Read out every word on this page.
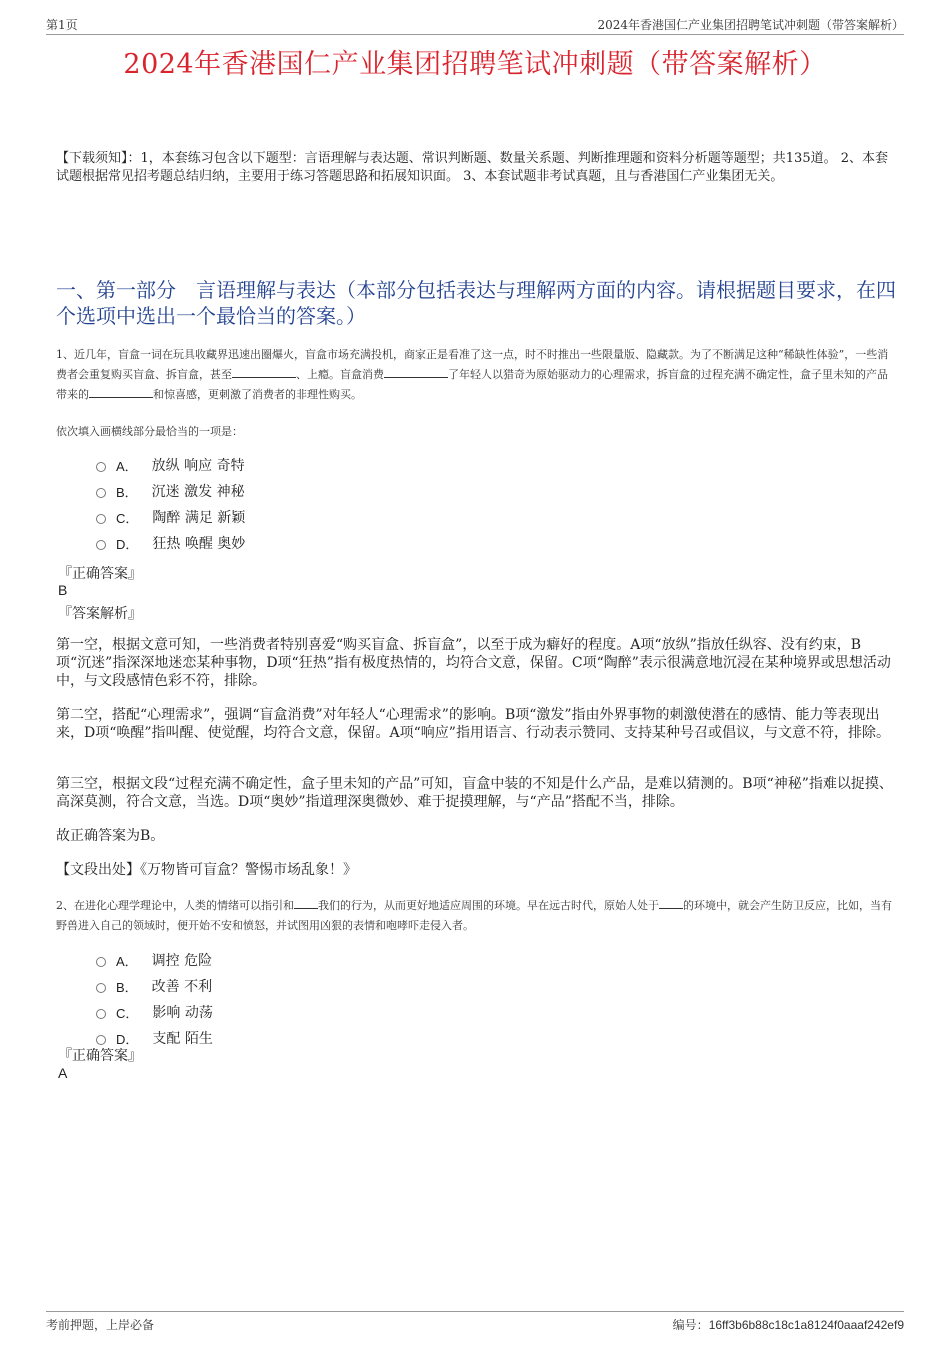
第1页	2024年香港国仁产业集团招聘笔试冲刺题（带答案解析）
2024年香港国仁产业集团招聘笔试冲刺题（带答案解析）
【下载须知】：1，本套练习包含以下题型：言语理解与表达题、常识判断题、数量关系题、判断推理题和资料分析题等题型；共135道。 2、本套试题根据常见招考题总结归纳，主要用于练习答题思路和拓展知识面。 3、本套试题非考试真题，且与香港国仁产业集团无关。
一、第一部分　言语理解与表达（本部分包括表达与理解两方面的内容。请根据题目要求，在四个选项中选出一个最恰当的答案。）
1、近几年，盲盒一词在玩具收藏界迅速出圈爆火，盲盒市场充满投机，商家正是看准了这一点，时不时推出一些限量版、隐藏款。为了不断满足这种“稀缺性体验”，一些消费者会重复购买盲盒、拆盲盒，甚至	、上瘾。盲盒消费	了年轻人以猎奇为原始驱动力的心理需求，拆盲盒的过程充满不确定性，盒子里未知的产品带来的	和惊喜感，更刺激了消费者的非理性购买。
依次填入画横线部分最恰当的一项是：
A． 放纵 响应 奇特
B． 沉迷 激发 神秘
C． 陶醉 满足 新颖
D． 狂热 唤醒 奥妙
『正确答案』
B
『答案解析』
第一空，根据文意可知，一些消费者特别喜爱“购买盲盒、拆盲盒”，以至于成为癖好的程度。A项“放纵”指放任纵容、没有约束，B项“沉迷”指深深地迷恋某种事物，D项“狂热”指有极度热情的，均符合文意，保留。C项“陶醉”表示很满意地沉浸在某种境界或思想活动中，与文段感情色彩不符，排除。
第二空，搭配“心理需求”，强调“盲盒消费”对年轻人“心理需求”的影响。B项“激发”指由外界事物的刺激使潜在的感情、能力等表现出来，D项“唤醒”指叫醒、使觉醒，均符合文意，保留。A项“响应”指用语言、行动表示赞同、支持某种号召或倡议，与文意不符，排除。
第三空，根据文段“过程充满不确定性，盒子里未知的产品”可知，盲盒中装的不知是什么产品，是难以猜测的。B项“神秘”指难以捉摸、高深莫测，符合文意，当选。D项“奥妙”指道理深奥微妙、难于捉摸理解，与“产品”搭配不当，排除。
故正确答案为B。
【文段出处】《万物皆可盲盒？警惕市场乱象！》
2、在进化心理学理论中，人类的情绪可以指引和 我们的行为，从而更好地适应周围的环境。早在远古时代，原始人处于 的环境中，就会产生防卫反应，比如，当有野兽进入自己的领域时，便开始不安和愤怒，并试图用凶狠的表情和咆哮吓走侵入者。
A． 调控 危险
B． 改善 不利
C． 影响 动荡
D． 支配 陌生
『正确答案』
A
考前押题，上岸必备	编号：16ff3b6b88c18c1a8124f0aaaf242ef9
